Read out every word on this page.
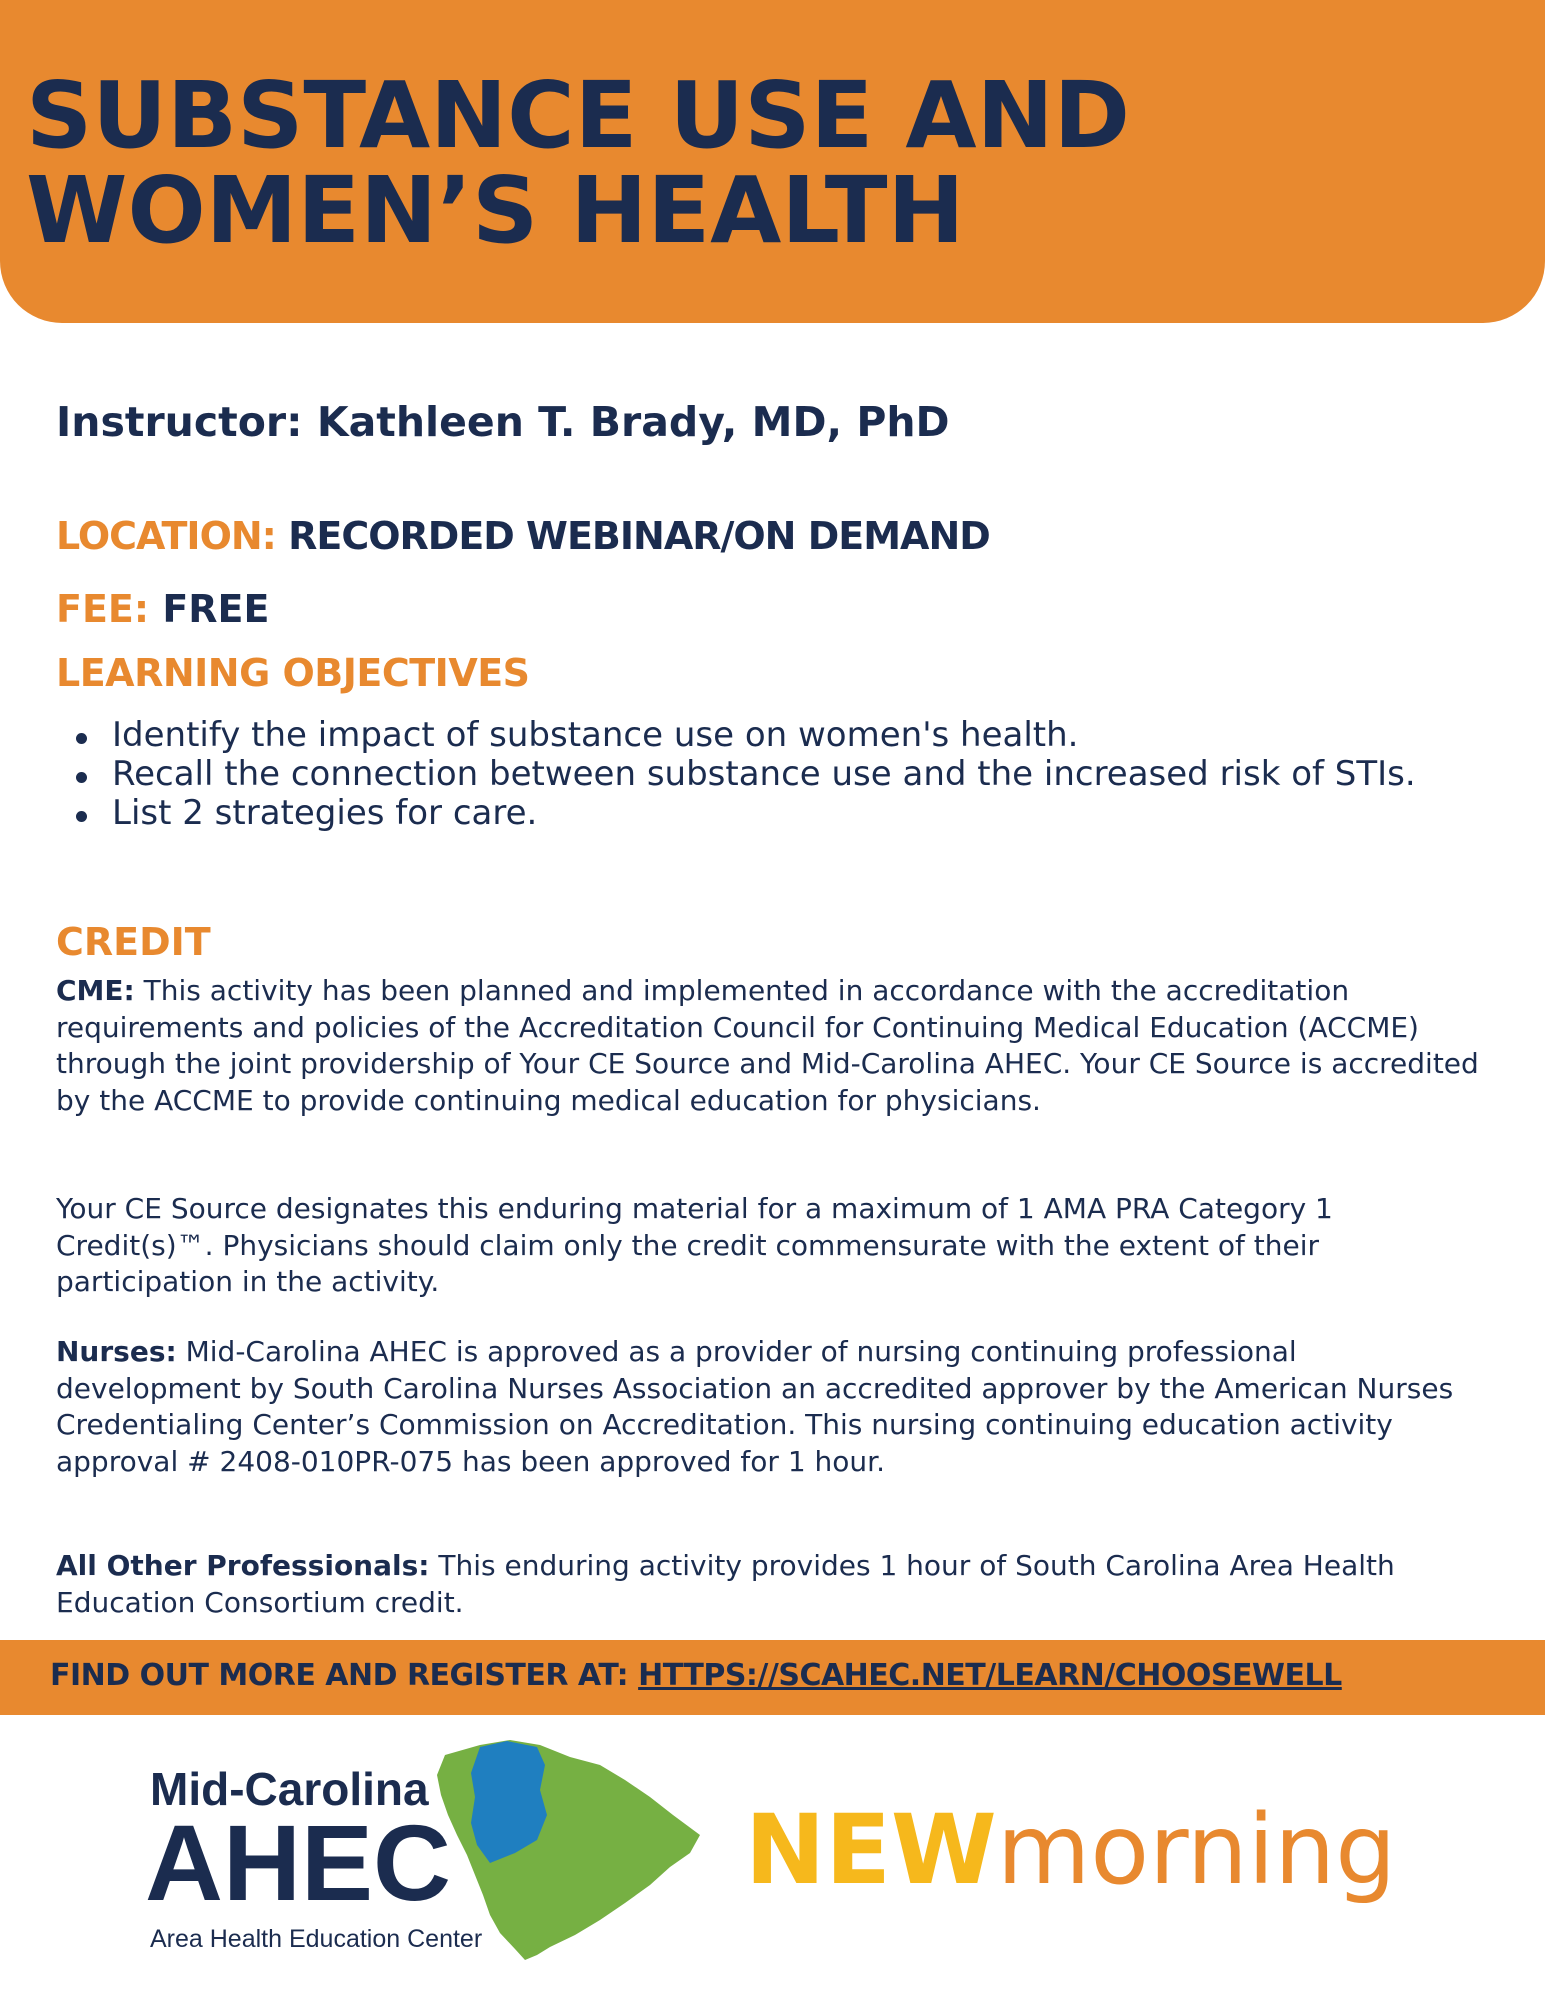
SUBSTANCE USE AND
WOMEN’S HEALTH
Instructor: Kathleen T. Brady, MD, PhD
LOCATION: RECORDED WEBINAR/ON DEMAND
FEE: FREE
LEARNING OBJECTIVES
Identify the impact of substance use on women's health.
Recall the connection between substance use and the increased risk of STIs.
List 2 strategies for care.
CREDIT

CME: This activity has been planned and implemented in accordance with the accreditation requirements and policies of the Accreditation Council for Continuing Medical Education (ACCME) through the joint providership of Your CE Source and Mid-Carolina AHEC. Your CE Source is accredited by the ACCME to provide continuing medical education for physicians.

Your CE Source designates this enduring material for a maximum of 1 AMA PRA Category 1 Credit(s)™. Physicians should claim only the credit commensurate with the extent of their participation in the activity.

Nurses: Mid-Carolina AHEC is approved as a provider of nursing continuing professional development by South Carolina Nurses Association an accredited approver by the American Nurses Credentialing Center’s Commission on Accreditation. This nursing continuing education activity approval # 2408-010PR-075 has been approved for 1 hour.

All Other Professionals: This enduring activity provides 1 hour of South Carolina Area Health Education Consortium credit.

FIND OUT MORE AND REGISTER AT: HTTPS://SCAHEC.NET/LEARN/CHOOSEWELL
Mid-Carolina
AHEC
Area Health Education Center
NEWmorning
